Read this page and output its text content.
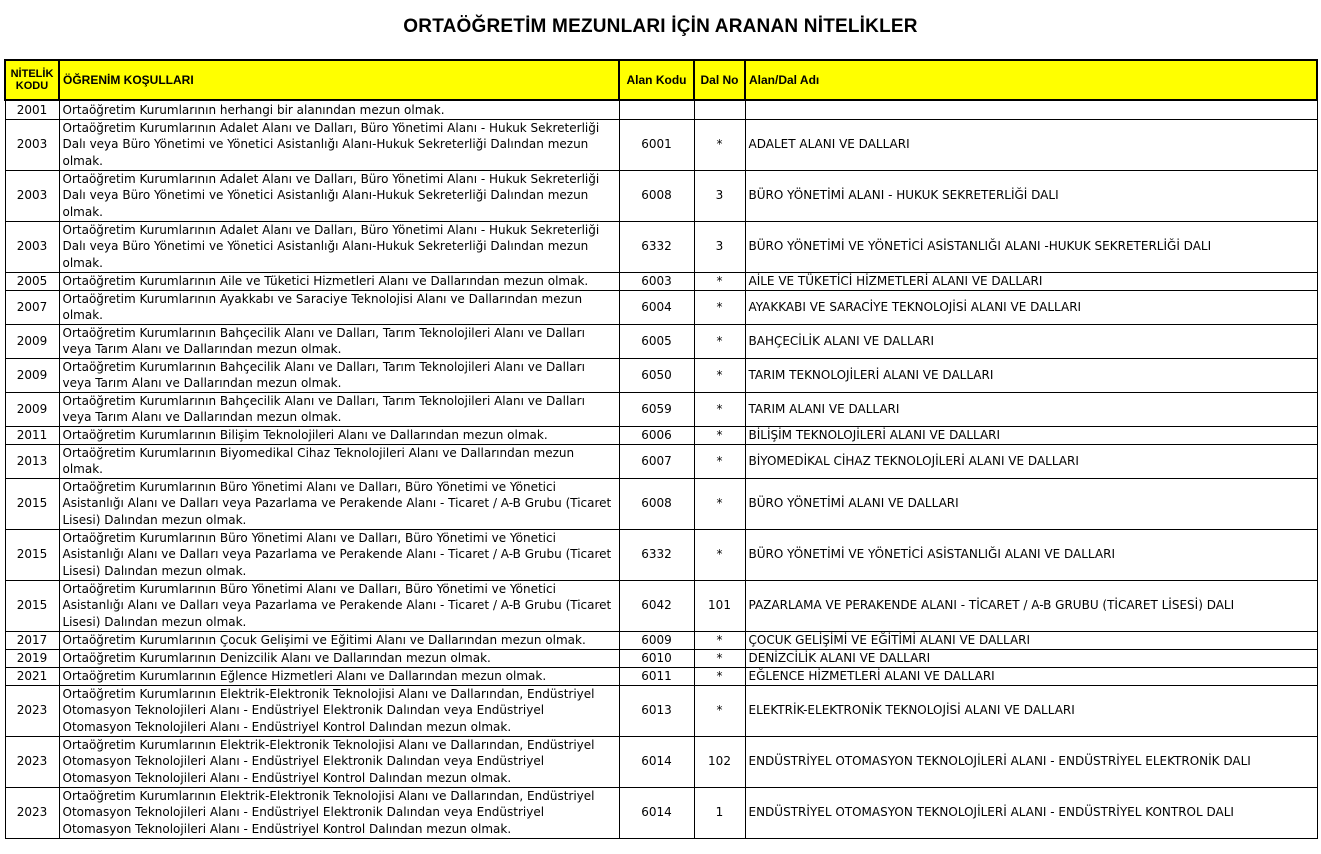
ORTAÖĞRETİM MEZUNLARI İÇİN ARANAN NİTELİKLER
NİTELİK KODU	ÖĞRENİM KOŞULLARI	Alan Kodu	Dal No	Alan/Dal Adı
2001	Ortaöğretim Kurumlarının herhangi bir alanından mezun olmak.			
2003	Ortaöğretim Kurumlarının Adalet Alanı ve Dalları, Büro Yönetimi Alanı - Hukuk Sekreterliği Dalı veya Büro Yönetimi ve Yönetici Asistanlığı Alanı-Hukuk Sekreterliği Dalından mezun olmak.	6001	*	ADALET ALANI VE DALLARI
2003	Ortaöğretim Kurumlarının Adalet Alanı ve Dalları, Büro Yönetimi Alanı - Hukuk Sekreterliği Dalı veya Büro Yönetimi ve Yönetici Asistanlığı Alanı-Hukuk Sekreterliği Dalından mezun olmak.	6008	3	BÜRO YÖNETİMİ ALANI - HUKUK SEKRETERLİĞİ DALI
2003	Ortaöğretim Kurumlarının Adalet Alanı ve Dalları, Büro Yönetimi Alanı - Hukuk Sekreterliği Dalı veya Büro Yönetimi ve Yönetici Asistanlığı Alanı-Hukuk Sekreterliği Dalından mezun olmak.	6332	3	BÜRO YÖNETİMİ VE YÖNETİCİ ASİSTANLIĞI ALANI -HUKUK SEKRETERLİĞİ DALI
2005	Ortaöğretim Kurumlarının Aile ve Tüketici Hizmetleri Alanı ve Dallarından mezun olmak.	6003	*	AİLE VE TÜKETİCİ HİZMETLERİ ALANI VE DALLARI
2007	Ortaöğretim Kurumlarının Ayakkabı ve Saraciye Teknolojisi Alanı ve Dallarından mezun olmak.	6004	*	AYAKKABI VE SARACİYE TEKNOLOJİSİ ALANI VE DALLARI
2009	Ortaöğretim Kurumlarının Bahçecilik Alanı ve Dalları, Tarım Teknolojileri Alanı ve Dalları veya Tarım Alanı ve Dallarından mezun olmak.	6005	*	BAHÇECİLİK ALANI VE DALLARI
2009	Ortaöğretim Kurumlarının Bahçecilik Alanı ve Dalları, Tarım Teknolojileri Alanı ve Dalları veya Tarım Alanı ve Dallarından mezun olmak.	6050	*	TARIM TEKNOLOJİLERİ ALANI VE DALLARI
2009	Ortaöğretim Kurumlarının Bahçecilik Alanı ve Dalları, Tarım Teknolojileri Alanı ve Dalları veya Tarım Alanı ve Dallarından mezun olmak.	6059	*	TARIM ALANI VE DALLARI
2011	Ortaöğretim Kurumlarının Bilişim Teknolojileri Alanı ve Dallarından mezun olmak.	6006	*	BİLİŞİM TEKNOLOJİLERİ ALANI VE DALLARI
2013	Ortaöğretim Kurumlarının Biyomedikal Cihaz Teknolojileri Alanı ve Dallarından mezun olmak.	6007	*	BİYOMEDİKAL CİHAZ TEKNOLOJİLERİ ALANI VE DALLARI
2015	Ortaöğretim Kurumlarının Büro Yönetimi Alanı ve Dalları, Büro Yönetimi ve Yönetici Asistanlığı Alanı ve Dalları veya Pazarlama ve Perakende Alanı - Ticaret / A-B Grubu (Ticaret Lisesi) Dalından mezun olmak.	6008	*	BÜRO YÖNETİMİ ALANI VE DALLARI
2015	Ortaöğretim Kurumlarının Büro Yönetimi Alanı ve Dalları, Büro Yönetimi ve Yönetici Asistanlığı Alanı ve Dalları veya Pazarlama ve Perakende Alanı - Ticaret / A-B Grubu (Ticaret Lisesi) Dalından mezun olmak.	6332	*	BÜRO YÖNETİMİ VE YÖNETİCİ ASİSTANLIĞI ALANI VE DALLARI
2015	Ortaöğretim Kurumlarının Büro Yönetimi Alanı ve Dalları, Büro Yönetimi ve Yönetici Asistanlığı Alanı ve Dalları veya Pazarlama ve Perakende Alanı - Ticaret / A-B Grubu (Ticaret Lisesi) Dalından mezun olmak.	6042	101	PAZARLAMA VE PERAKENDE ALANI - TİCARET / A-B GRUBU (TİCARET LİSESİ) DALI
2017	Ortaöğretim Kurumlarının Çocuk Gelişimi ve Eğitimi Alanı ve Dallarından mezun olmak.	6009	*	ÇOCUK GELİŞİMİ VE EĞİTİMİ ALANI VE DALLARI
2019	Ortaöğretim Kurumlarının Denizcilik Alanı ve Dallarından mezun olmak.	6010	*	DENİZCİLİK ALANI VE DALLARI
2021	Ortaöğretim Kurumlarının Eğlence Hizmetleri Alanı ve Dallarından mezun olmak.	6011	*	EĞLENCE HİZMETLERİ ALANI VE DALLARI
2023	Ortaöğretim Kurumlarının Elektrik-Elektronik Teknolojisi Alanı ve Dallarından, Endüstriyel Otomasyon Teknolojileri Alanı - Endüstriyel Elektronik Dalından veya Endüstriyel Otomasyon Teknolojileri Alanı - Endüstriyel Kontrol Dalından mezun olmak.	6013	*	ELEKTRİK-ELEKTRONİK TEKNOLOJİSİ ALANI VE DALLARI
2023	Ortaöğretim Kurumlarının Elektrik-Elektronik Teknolojisi Alanı ve Dallarından, Endüstriyel Otomasyon Teknolojileri Alanı - Endüstriyel Elektronik Dalından veya Endüstriyel Otomasyon Teknolojileri Alanı - Endüstriyel Kontrol Dalından mezun olmak.	6014	102	ENDÜSTRİYEL OTOMASYON TEKNOLOJİLERİ ALANI - ENDÜSTRİYEL ELEKTRONİK DALI
2023	Ortaöğretim Kurumlarının Elektrik-Elektronik Teknolojisi Alanı ve Dallarından, Endüstriyel Otomasyon Teknolojileri Alanı - Endüstriyel Elektronik Dalından veya Endüstriyel Otomasyon Teknolojileri Alanı - Endüstriyel Kontrol Dalından mezun olmak.	6014	1	ENDÜSTRİYEL OTOMASYON TEKNOLOJİLERİ ALANI - ENDÜSTRİYEL KONTROL DALI
